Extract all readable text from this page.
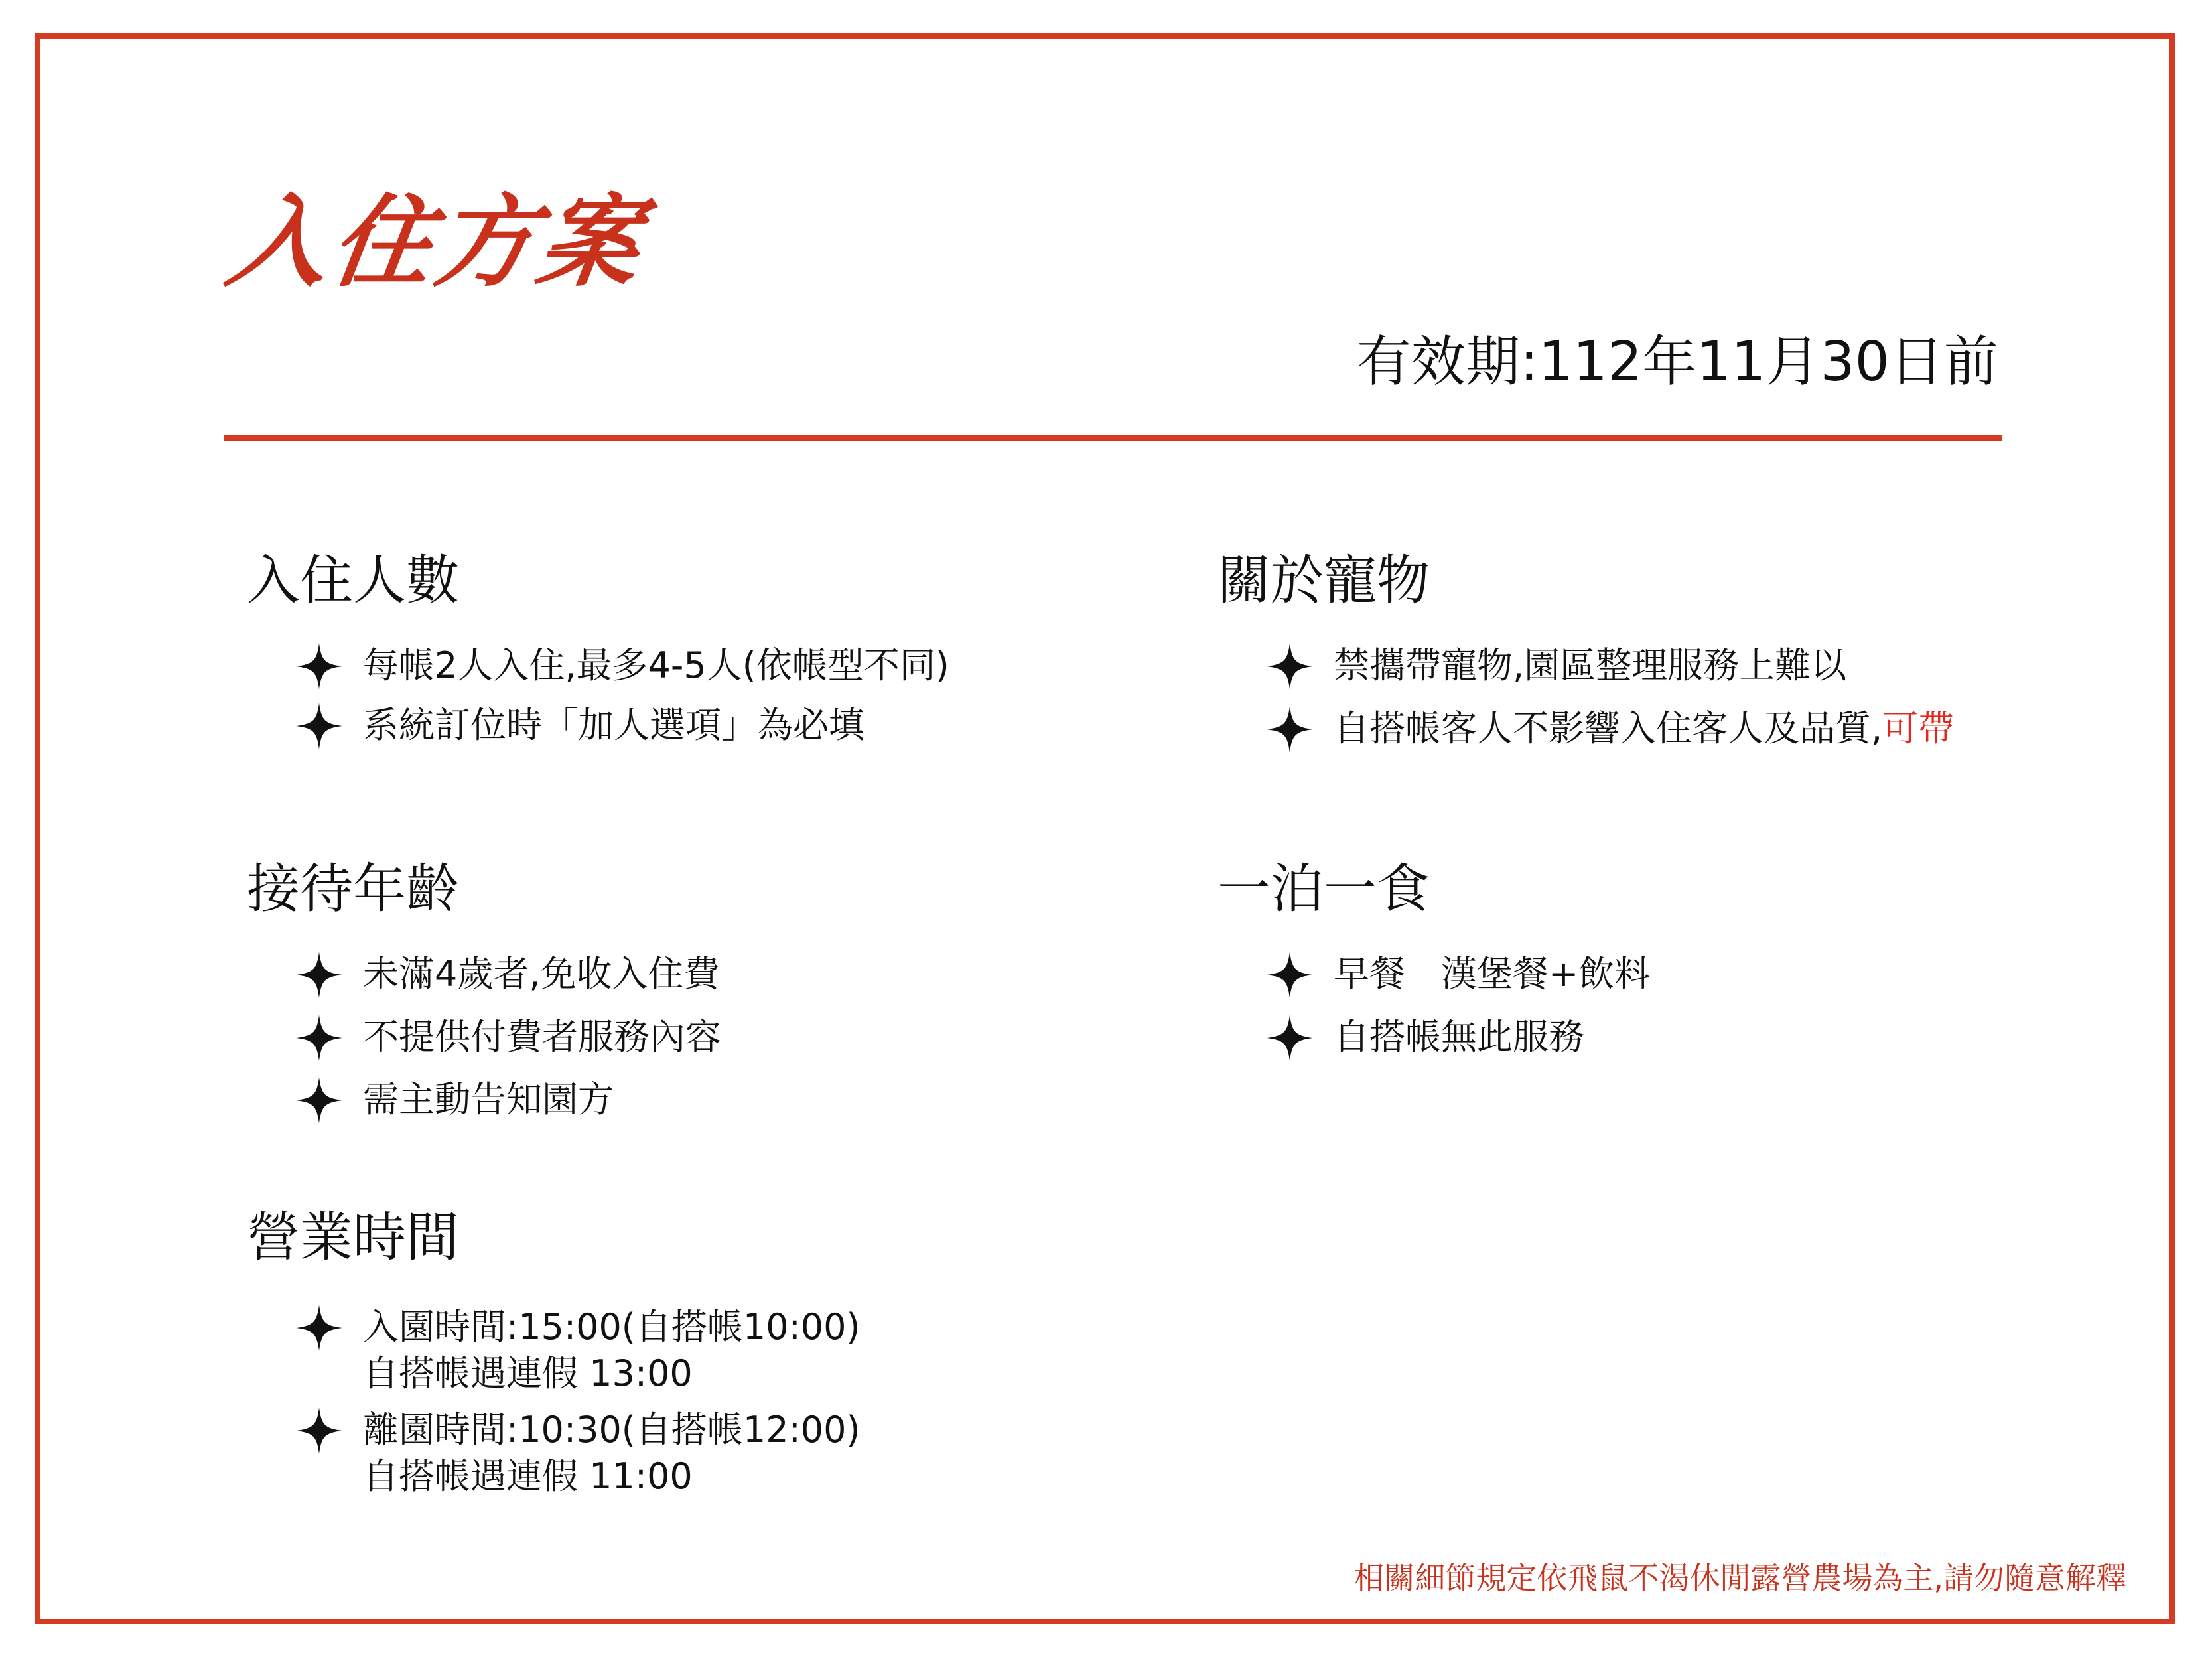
入住方案
有效期:112年11月30日前
入住人數
每帳2人入住,最多4-5人(依帳型不同)
系統訂位時「加人選項」為必填
接待年齡
未滿4歲者,免收入住費
不提供付費者服務內容
需主動告知園方
營業時間
入園時間:15:00(自搭帳10:00)
自搭帳遇連假 13:00
離園時間:10:30(自搭帳12:00)
自搭帳遇連假 11:00
關於寵物
禁攜帶寵物,園區整理服務上難以
自搭帳客人不影響入住客人及品質,可帶
一泊一食
早餐　漢堡餐+飲料
自搭帳無此服務
相關細節規定依飛鼠不渴休閒露營農場為主,請勿隨意解釋
